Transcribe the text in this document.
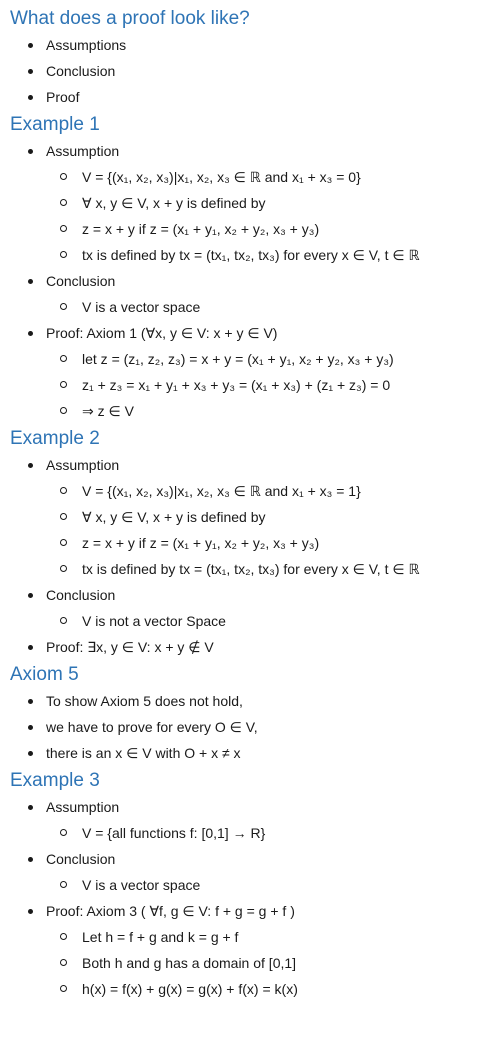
What does a proof look like?
Assumptions
Conclusion
Proof
Example 1
Assumption
V = {(x₁, x₂, x₃)|x₁, x₂, x₃ ∈ ℝ and x₁ + x₃ = 0}
∀ x, y ∈ V, x + y is defined by
z = x + y if z = (x₁ + y₁, x₂ + y₂, x₃ + y₃)
tx is defined by tx = (tx₁, tx₂, tx₃) for every x ∈ V, t ∈ ℝ
Conclusion
V is a vector space
Proof: Axiom 1 (∀x, y ∈ V: x + y ∈ V)
let z = (z₁, z₂, z₃) = x + y = (x₁ + y₁, x₂ + y₂, x₃ + y₃)
z₁ + z₃ = x₁ + y₁ + x₃ + y₃ = (x₁ + x₃) + (z₁ + z₃) = 0
⇒ z ∈ V
Example 2
Assumption
V = {(x₁, x₂, x₃)|x₁, x₂, x₃ ∈ ℝ and x₁ + x₃ = 1}
∀ x, y ∈ V, x + y is defined by
z = x + y if z = (x₁ + y₁, x₂ + y₂, x₃ + y₃)
tx is defined by tx = (tx₁, tx₂, tx₃) for every x ∈ V, t ∈ ℝ
Conclusion
V is not a vector Space
Proof: ∃x, y ∈ V: x + y ∉ V
Axiom 5
To show Axiom 5 does not hold,
we have to prove for every O ∈ V,
there is an x ∈ V with O + x ≠ x
Example 3
Assumption
V = {all functions f: [0,1] → R}
Conclusion
V is a vector space
Proof: Axiom 3 ( ∀f, g ∈ V: f + g = g + f )
Let h = f + g and k = g + f
Both h and g has a domain of [0,1]
h(x) = f(x) + g(x) = g(x) + f(x) = k(x)
